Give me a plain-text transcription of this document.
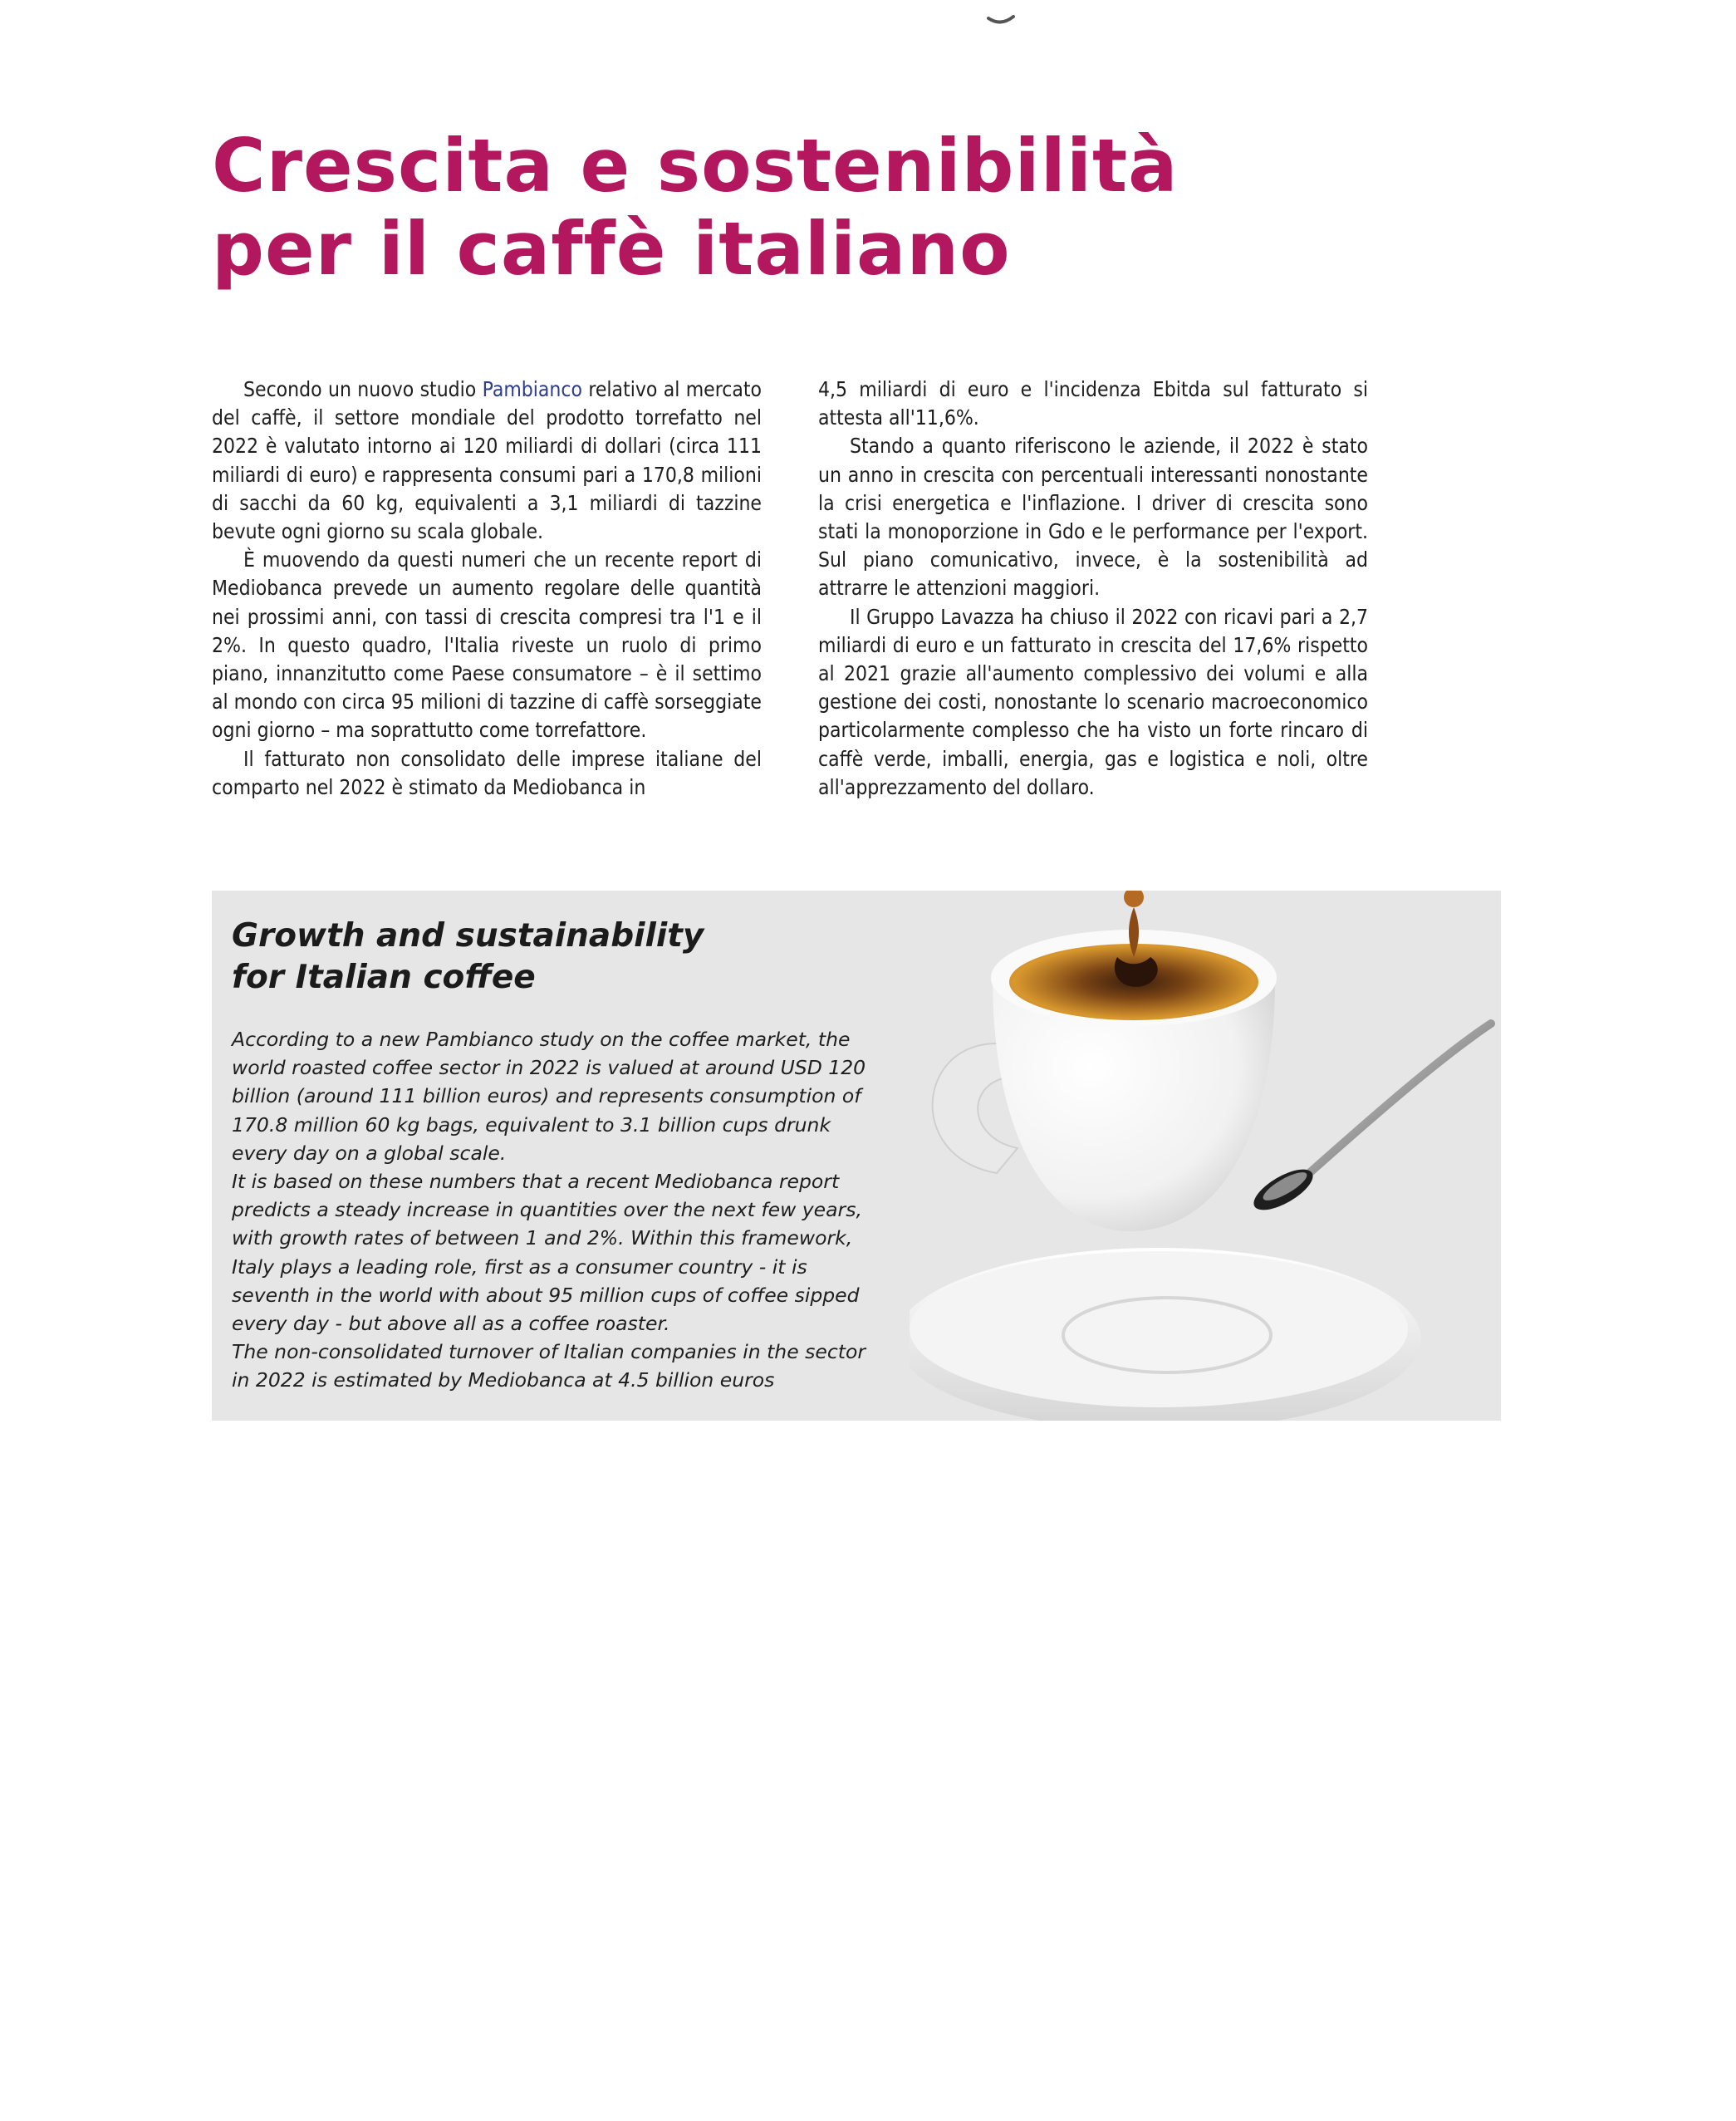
Crescita e sostenibilità
per il caffè italiano

Secondo un nuovo studio Pambianco relativo al mercato del caffè, il settore mondiale del prodotto torrefatto nel 2022 è valutato intorno ai 120 miliardi di dollari (circa 111 miliardi di euro) e rappresenta consumi pari a 170,8 milioni di sacchi da 60 kg, equivalenti a 3,1 miliardi di tazzine bevute ogni giorno su scala globale.

È muovendo da questi numeri che un recente report di Mediobanca prevede un aumento regolare delle quantità nei prossimi anni, con tassi di crescita compresi tra l'1 e il 2%. In questo quadro, l'Italia riveste un ruolo di primo piano, innanzitutto come Paese consumatore – è il settimo al mondo con circa 95 milioni di tazzine di caffè sorseggiate ogni giorno – ma soprattutto come torrefattore.

Il fatturato non consolidato delle imprese italiane del comparto nel 2022 è stimato da Mediobanca in

4,5 miliardi di euro e l'incidenza Ebitda sul fatturato si attesta all'11,6%.

Stando a quanto riferiscono le aziende, il 2022 è stato un anno in crescita con percentuali interessanti nonostante la crisi energetica e l'inflazione. I driver di crescita sono stati la monoporzione in Gdo e le performance per l'export. Sul piano comunicativo, invece, è la sostenibilità ad attrarre le attenzioni maggiori.

Il Gruppo Lavazza ha chiuso il 2022 con ricavi pari a 2,7 miliardi di euro e un fatturato in crescita del 17,6% rispetto al 2021 grazie all'aumento complessivo dei volumi e alla gestione dei costi, nonostante lo scenario macroeconomico particolarmente complesso che ha visto un forte rincaro di caffè verde, imballi, energia, gas e logistica e noli, oltre all'apprezzamento del dollaro.

Growth and sustainability
for Italian coffee

According to a new Pambianco study on the coffee market, the world roasted coffee sector in 2022 is valued at around USD 120 billion (around 111 billion euros) and represents consumption of 170.8 million 60 kg bags, equivalent to 3.1 billion cups drunk every day on a global scale.

It is based on these numbers that a recent Mediobanca report predicts a steady increase in quantities over the next few years, with growth rates of between 1 and 2%. Within this framework, Italy plays a leading role, first as a consumer country - it is seventh in the world with about 95 million cups of coffee sipped every day - but above all as a coffee roaster.

The non-consolidated turnover of Italian companies in the sector in 2022 is estimated by Mediobanca at 4.5 billion euros
